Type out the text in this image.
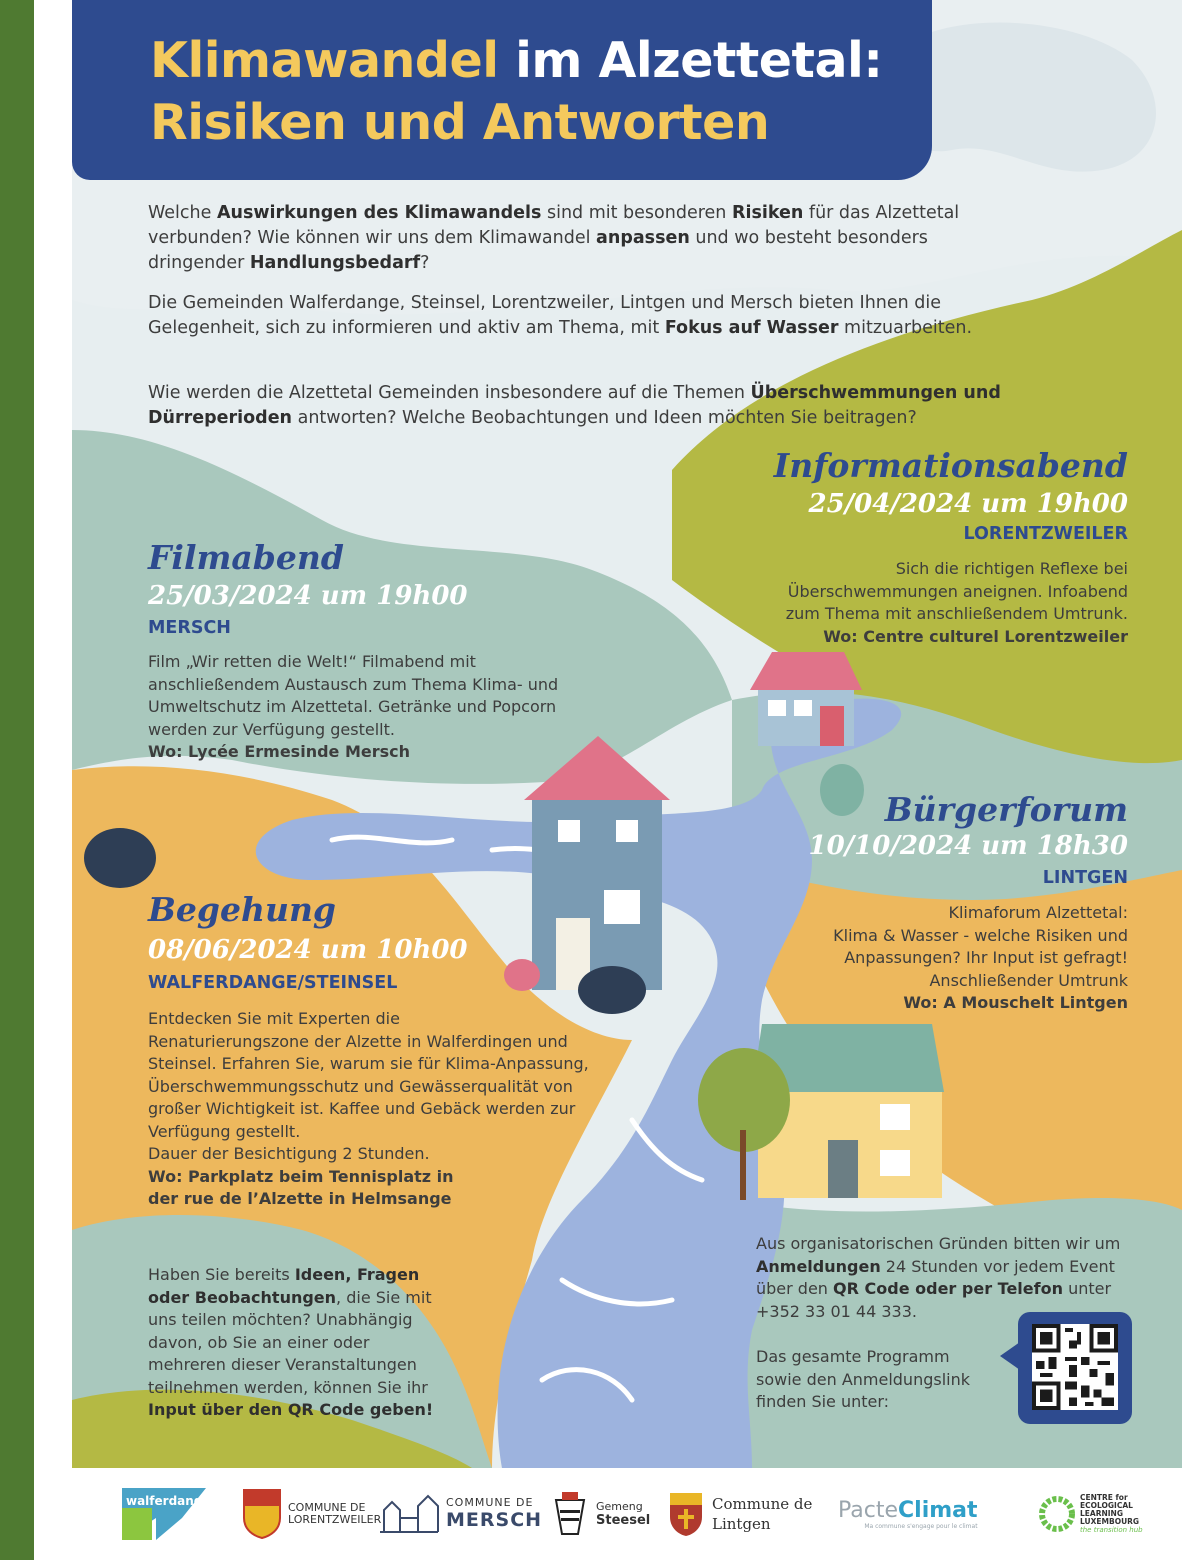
Klimawandel im Alzettetal:
Risiken und Antworten

Welche Auswirkungen des Klimawandels sind mit besonderen Risiken für das Alzettetal verbunden? Wie können wir uns dem Klimawandel anpassen und wo besteht besonders dringender Handlungsbedarf?

Die Gemeinden Walferdange, Steinsel, Lorentzweiler, Lintgen und Mersch bieten Ihnen die Gelegenheit, sich zu informieren und aktiv am Thema, mit Fokus auf Wasser mitzuarbeiten.

Wie werden die Alzettetal Gemeinden insbesondere auf die Themen Überschwemmungen und Dürreperioden antworten? Welche Beobachtungen und Ideen möchten Sie beitragen?

Informationsabend
25/04/2024 um 19h00
LORENTZWEILER
Sich die richtigen Reflexe bei
Überschwemmungen aneignen. Infoabend
zum Thema mit anschließendem Umtrunk.
Wo: Centre culturel Lorentzweiler
Filmabend
25/03/2024 um 19h00
MERSCH
Film „Wir retten die Welt!“ Filmabend mit
anschließendem Austausch zum Thema Klima- und
Umweltschutz im Alzettetal. Getränke und Popcorn
werden zur Verfügung gestellt.
Wo: Lycée Ermesinde Mersch
Bürgerforum
10/10/2024 um 18h30
LINTGEN
Klimaforum Alzettetal:
Klima & Wasser - welche Risiken und
Anpassungen? Ihr Input ist gefragt!
Anschließender Umtrunk
Wo: A Mouschelt Lintgen
Begehung
08/06/2024 um 10h00
WALFERDANGE/STEINSEL
Entdecken Sie mit Experten die
Renaturierungszone der Alzette in Walferdingen und
Steinsel. Erfahren Sie, warum sie für Klima-Anpassung,
Überschwemmungsschutz und Gewässerqualität von
großer Wichtigkeit ist. Kaffee und Gebäck werden zur
Verfügung gestellt.
Dauer der Besichtigung 2 Stunden.
Wo: Parkplatz beim Tennisplatz in
der rue de l’Alzette in Helmsange

Haben Sie bereits Ideen, Fragen oder Beobachtungen, die Sie mit uns teilen möchten? Unabhängig davon, ob Sie an einer oder mehreren dieser Veranstaltungen teilnehmen werden, können Sie ihr Input über den QR Code geben!

Aus organisatorischen Gründen bitten wir um Anmeldungen 24 Stunden vor jedem Event über den QR Code oder per Telefon unter +352 33 01 44 333.

Das gesamte Programm sowie den Anmeldungslink finden Sie unter:

walferdange	COMMUNE DE LORENTZWEILER
COMMUNE DE
MERSCH
Gemeng
Steesel
Commune de
Lintgen
PacteClimat
Ma commune s'engage pour le climat
CENTRE for ECOLOGICAL LEARNING LUXEMBOURG
the transition hub
